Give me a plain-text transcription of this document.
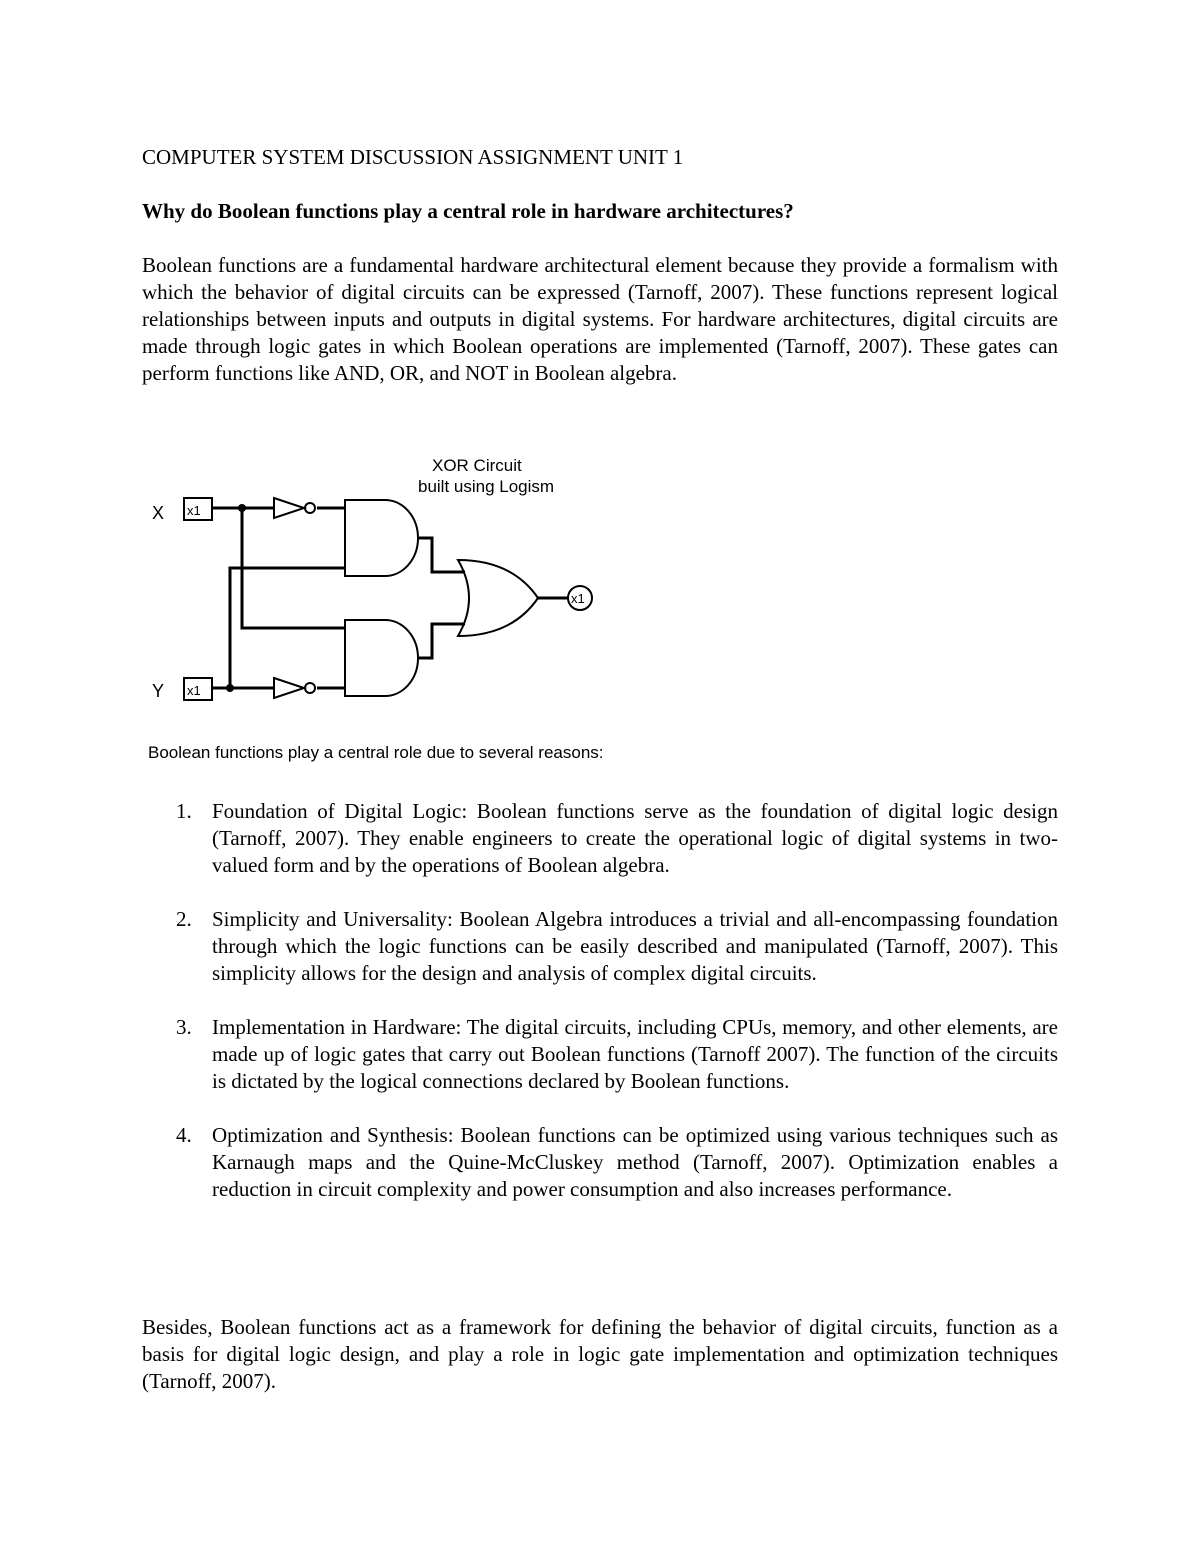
COMPUTER SYSTEM DISCUSSION ASSIGNMENT UNIT 1
Why do Boolean functions play a central role in hardware architectures?

Boolean functions are a fundamental hardware architectural element because they provide a formalism with which the behavior of digital circuits can be expressed (Tarnoff, 2007). These functions represent logical relationships between inputs and outputs in digital systems. For hardware architectures, digital circuits are made through logic gates in which Boolean operations are implemented (Tarnoff, 2007). These gates can perform functions like AND, OR, and NOT in Boolean algebra.

X
Y
x1
x1
x1
XOR Circuit
built using Logism
Boolean functions play a central role due to several reasons:
1. Foundation of Digital Logic: Boolean functions serve as the foundation of digital logic design (Tarnoff, 2007). They enable engineers to create the operational logic of digital systems in two-valued form and by the operations of Boolean algebra.
2. Simplicity and Universality: Boolean Algebra introduces a trivial and all-encompassing foundation through which the logic functions can be easily described and manipulated (Tarnoff, 2007). This simplicity allows for the design and analysis of complex digital circuits.
3. Implementation in Hardware: The digital circuits, including CPUs, memory, and other elements, are made up of logic gates that carry out Boolean functions (Tarnoff 2007). The function of the circuits is dictated by the logical connections declared by Boolean functions.
4. Optimization and Synthesis: Boolean functions can be optimized using various techniques such as Karnaugh maps and the Quine-McCluskey method (Tarnoff, 2007). Optimization enables a reduction in circuit complexity and power consumption and also increases performance.

Besides, Boolean functions act as a framework for defining the behavior of digital circuits, function as a basis for digital logic design, and play a role in logic gate implementation and optimization techniques (Tarnoff, 2007).
